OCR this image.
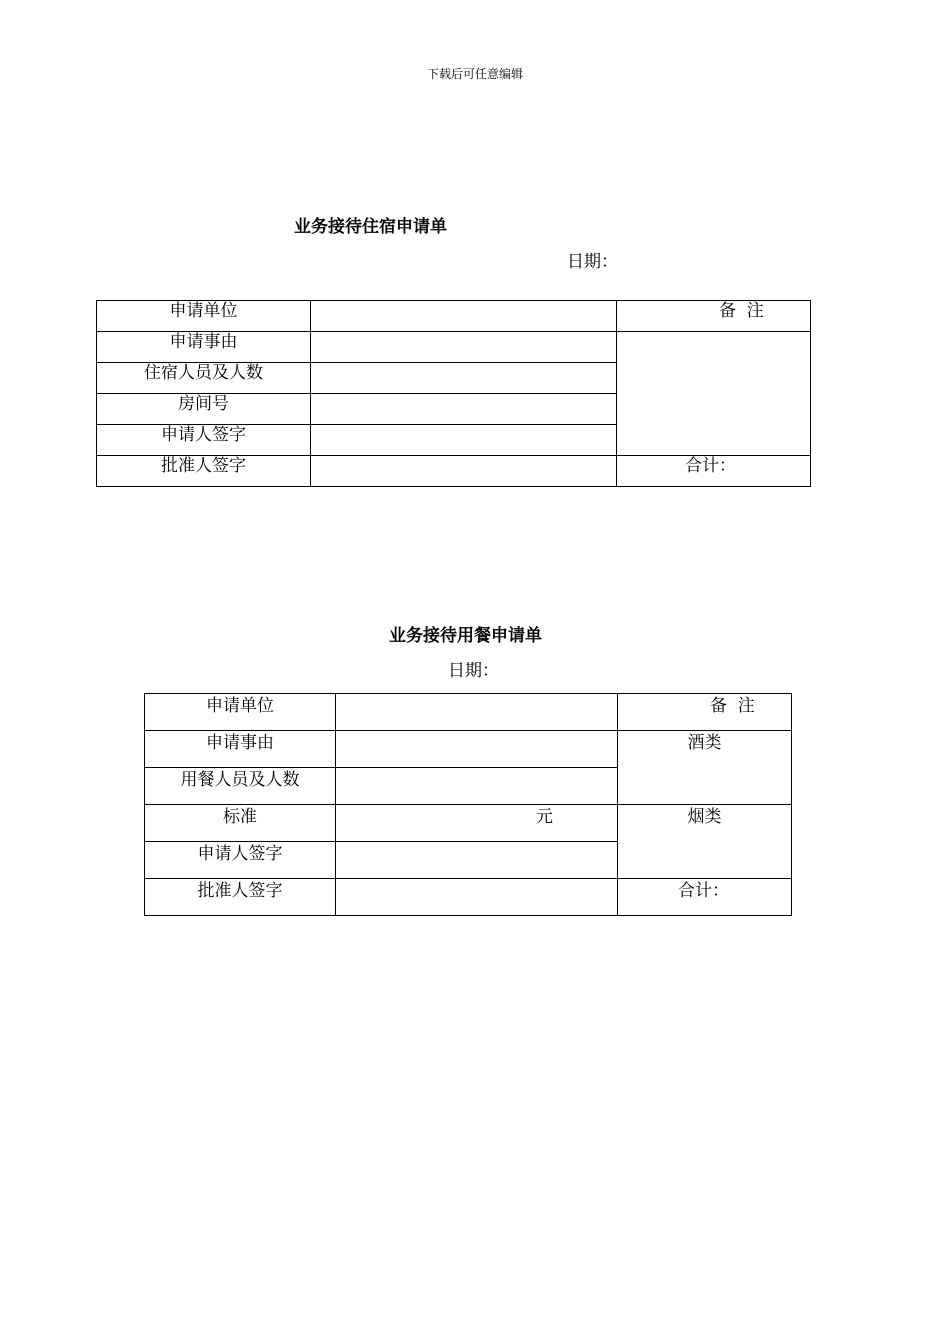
下载后可任意编辑
业务接待住宿申请单
日期：
申请单位		备  注
申请事由		
住宿人员及人数		
房间号		
申请人签字		
批准人签字		合计：
业务接待用餐申请单
日期：
申请单位		备  注
申请事由		酒类
用餐人员及人数		
标准	元	烟类
申请人签字		
批准人签字		合计：
